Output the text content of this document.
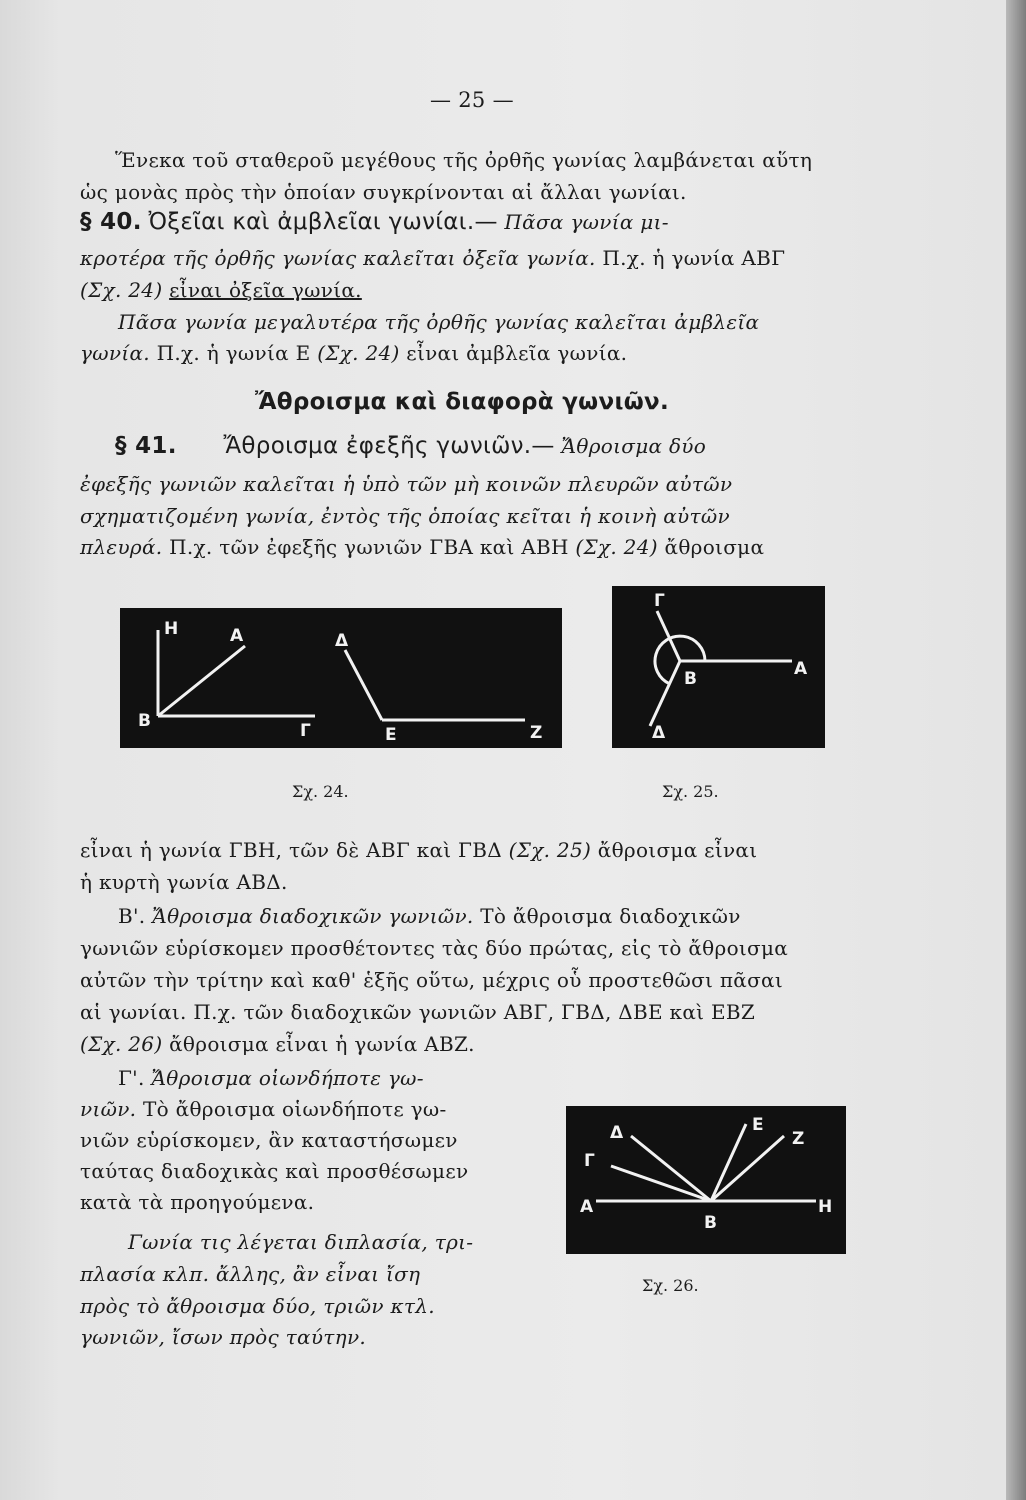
— 25 —
Ἕνεκα τοῦ σταθεροῦ μεγέθους τῆς ὀρθῆς γωνίας λαμβάνεται αὕτη
ὡς μονὰς πρὸς τὴν ὁποίαν συγκρίνονται αἱ ἄλλαι γωνίαι.
§ 40. Ὀξεῖαι καὶ ἀμβλεῖαι γωνίαι.— Πᾶσα γωνία μι-
κροτέρα τῆς ὀρθῆς γωνίας καλεῖται ὀξεῖα γωνία. Π.χ. ἡ γωνία ΑΒΓ
(Σχ. 24) εἶναι ὀξεῖα γωνία.
Πᾶσα γωνία μεγαλυτέρα τῆς ὀρθῆς γωνίας καλεῖται ἀμβλεῖα
γωνία. Π.χ. ἡ γωνία Ε (Σχ. 24) εἶναι ἀμβλεῖα γωνία.
Ἄθροισμα καὶ διαφορὰ γωνιῶν.
§ 41. Ἄθροισμα ἐφεξῆς γωνιῶν.— Ἄθροισμα δύο
ἐφεξῆς γωνιῶν καλεῖται ἡ ὑπὸ τῶν μὴ κοινῶν πλευρῶν αὐτῶν
σχηματιζομένη γωνία, ἐντὸς τῆς ὁποίας κεῖται ἡ κοινὴ αὐτῶν
πλευρά. Π.χ. τῶν ἐφεξῆς γωνιῶν ΓΒΑ καὶ ΑΒΗ (Σχ. 24) ἄθροισμα
Η	Α
Β	Γ
Δ
Ε	Ζ
Σχ. 24.
Γ
Α
Β
Δ
Σχ. 25.
εἶναι ἡ γωνία ΓΒΗ, τῶν δὲ ΑΒΓ καὶ ΓΒΔ (Σχ. 25) ἄθροισμα εἶναι
ἡ κυρτὴ γωνία ΑΒΔ.
Β'. Ἄθροισμα διαδοχικῶν γωνιῶν. Τὸ ἄθροισμα διαδοχικῶν
γωνιῶν εὑρίσκομεν προσθέτοντες τὰς δύο πρώτας, εἰς τὸ ἄθροισμα
αὐτῶν τὴν τρίτην καὶ καθ' ἑξῆς οὕτω, μέχρις οὗ προστεθῶσι πᾶσαι
αἱ γωνίαι. Π.χ. τῶν διαδοχικῶν γωνιῶν ΑΒΓ, ΓΒΔ, ΔΒΕ καὶ ΕΒΖ
(Σχ. 26) ἄθροισμα εἶναι ἡ γωνία ΑΒΖ.
Γ'. Ἄθροισμα οἱωνδήποτε γω-
νιῶν. Τὸ ἄθροισμα οἱωνδήποτε γω-
νιῶν εὑρίσκομεν, ἂν καταστήσωμεν
ταύτας διαδοχικὰς καὶ προσθέσωμεν
κατὰ τὰ προηγούμενα.
Γωνία τις λέγεται διπλασία, τρι-
πλασία κλπ. ἄλλης, ἂν εἶναι ἴση
πρὸς τὸ ἄθροισμα δύο, τριῶν κτλ.
γωνιῶν, ἴσων πρὸς ταύτην.
Δ	Ε
Ζ
Γ
Α
Β
Η
Σχ. 26.
